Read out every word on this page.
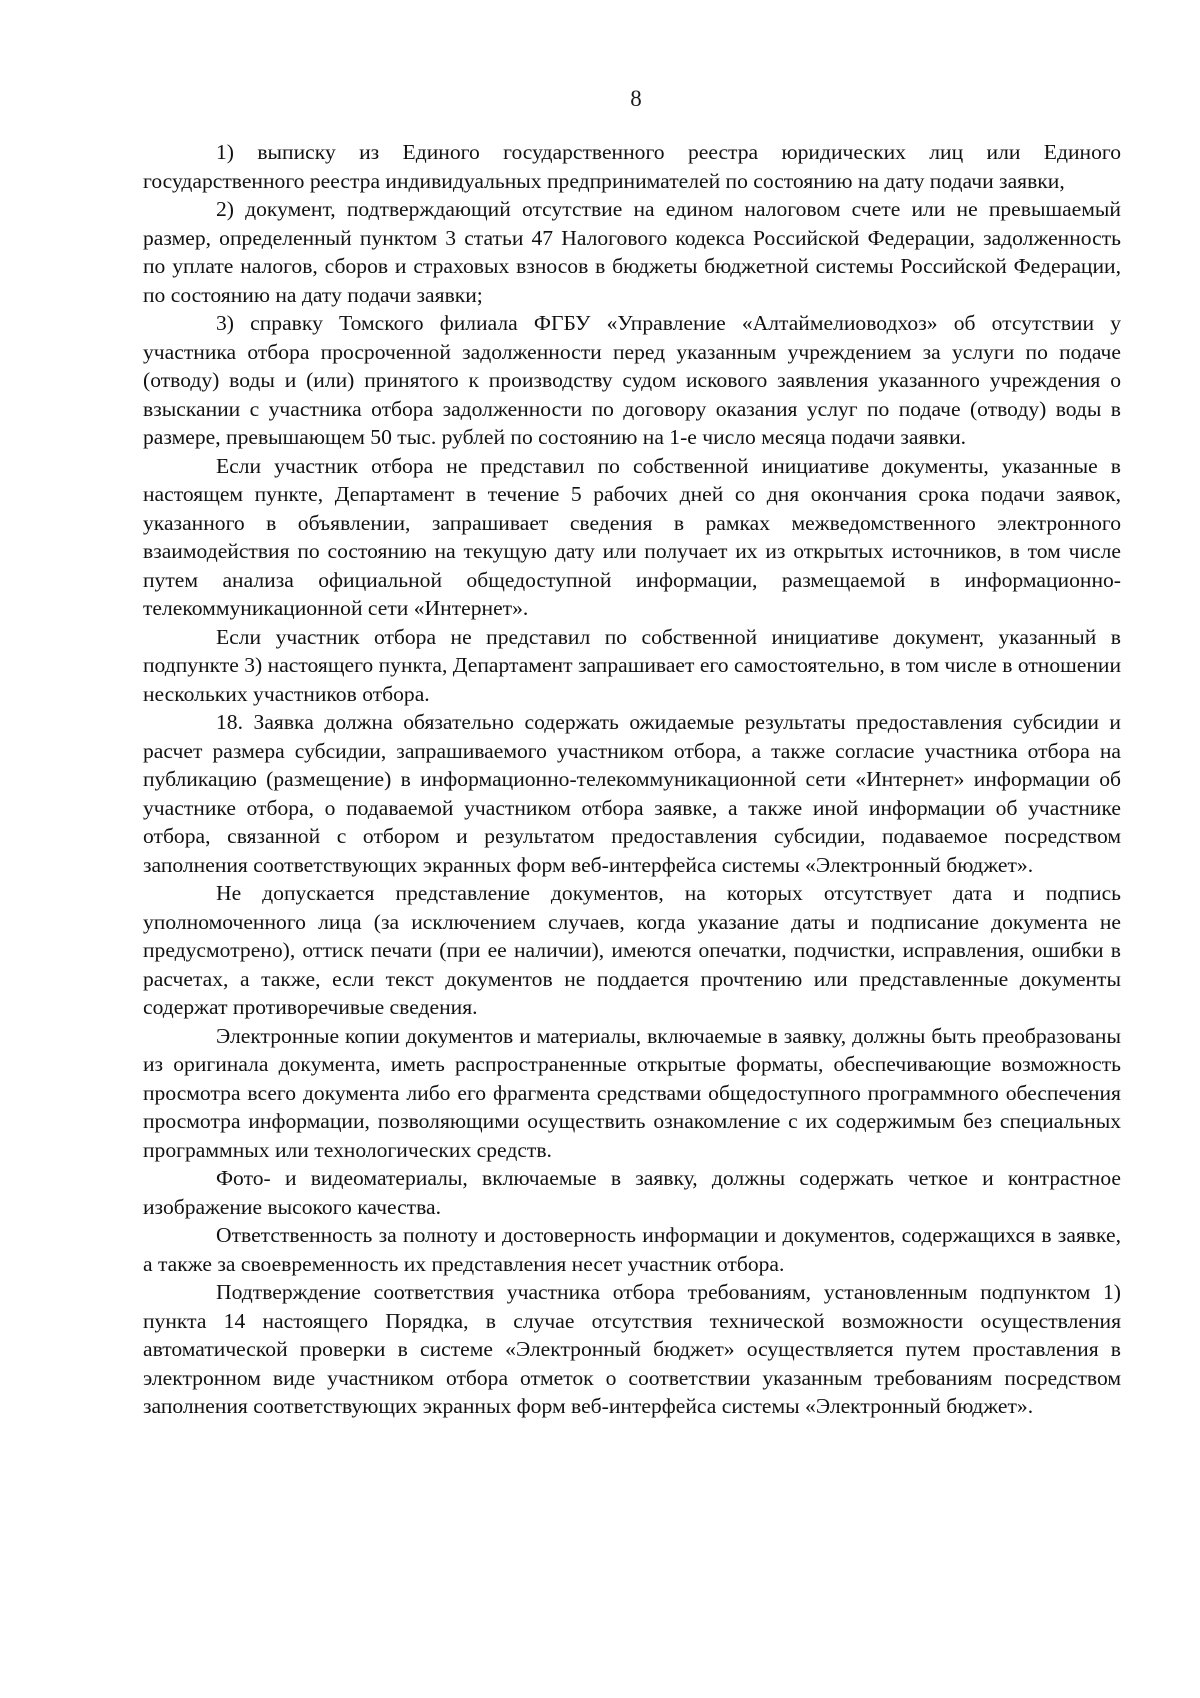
8

1) выписку из Единого государственного реестра юридических лиц или Единого государственного реестра индивидуальных предпринимателей по состоянию на дату подачи заявки,

2) документ, подтверждающий отсутствие на едином налоговом счете или не превышаемый размер, определенный пунктом 3 статьи 47 Налогового кодекса Российской Федерации, задолженность по уплате налогов, сборов и страховых взносов в бюджеты бюджетной системы Российской Федерации, по состоянию на дату подачи заявки;

3) справку Томского филиала ФГБУ «Управление «Алтаймелиоводхоз» об отсутствии у участника отбора просроченной задолженности перед указанным учреждением за услуги по подаче (отводу) воды и (или) принятого к производству судом искового заявления указанного учреждения о взыскании с участника отбора задолженности по договору оказания услуг по подаче (отводу) воды в размере, превышающем 50 тыс. рублей по состоянию на 1-е число месяца подачи заявки.

Если участник отбора не представил по собственной инициативе документы, указанные в настоящем пункте, Департамент в течение 5 рабочих дней со дня окончания срока подачи заявок, указанного в объявлении, запрашивает сведения в рамках межведомственного электронного взаимодействия по состоянию на текущую дату или получает их из открытых источников, в том числе путем анализа официальной общедоступной информации, размещаемой в информационно-телекоммуникационной сети «Интернет».

Если участник отбора не представил по собственной инициативе документ, указанный в подпункте 3) настоящего пункта, Департамент запрашивает его самостоятельно, в том числе в отношении нескольких участников отбора.

18. Заявка должна обязательно содержать ожидаемые результаты предоставления субсидии и расчет размера субсидии, запрашиваемого участником отбора, а также согласие участника отбора на публикацию (размещение) в информационно-телекоммуникационной сети «Интернет» информации об участнике отбора, о подаваемой участником отбора заявке, а также иной информации об участнике отбора, связанной с отбором и результатом предоставления субсидии, подаваемое посредством заполнения соответствующих экранных форм веб-интерфейса системы «Электронный бюджет».

Не допускается представление документов, на которых отсутствует дата и подпись уполномоченного лица (за исключением случаев, когда указание даты и подписание документа не предусмотрено), оттиск печати (при ее наличии), имеются опечатки, подчистки, исправления, ошибки в расчетах, а также, если текст документов не поддается прочтению или представленные документы содержат противоречивые сведения.

Электронные копии документов и материалы, включаемые в заявку, должны быть преобразованы из оригинала документа, иметь распространенные открытые форматы, обеспечивающие возможность просмотра всего документа либо его фрагмента средствами общедоступного программного обеспечения просмотра информации, позволяющими осуществить ознакомление с их содержимым без специальных программных или технологических средств.

Фото- и видеоматериалы, включаемые в заявку, должны содержать четкое и контрастное изображение высокого качества.

Ответственность за полноту и достоверность информации и документов, содержащихся в заявке, а также за своевременность их представления несет участник отбора.

Подтверждение соответствия участника отбора требованиям, установленным подпунктом 1) пункта 14 настоящего Порядка, в случае отсутствия технической возможности осуществления автоматической проверки в системе «Электронный бюджет» осуществляется путем проставления в электронном виде участником отбора отметок о соответствии указанным требованиям посредством заполнения соответствующих экранных форм веб-интерфейса системы «Электронный бюджет».
